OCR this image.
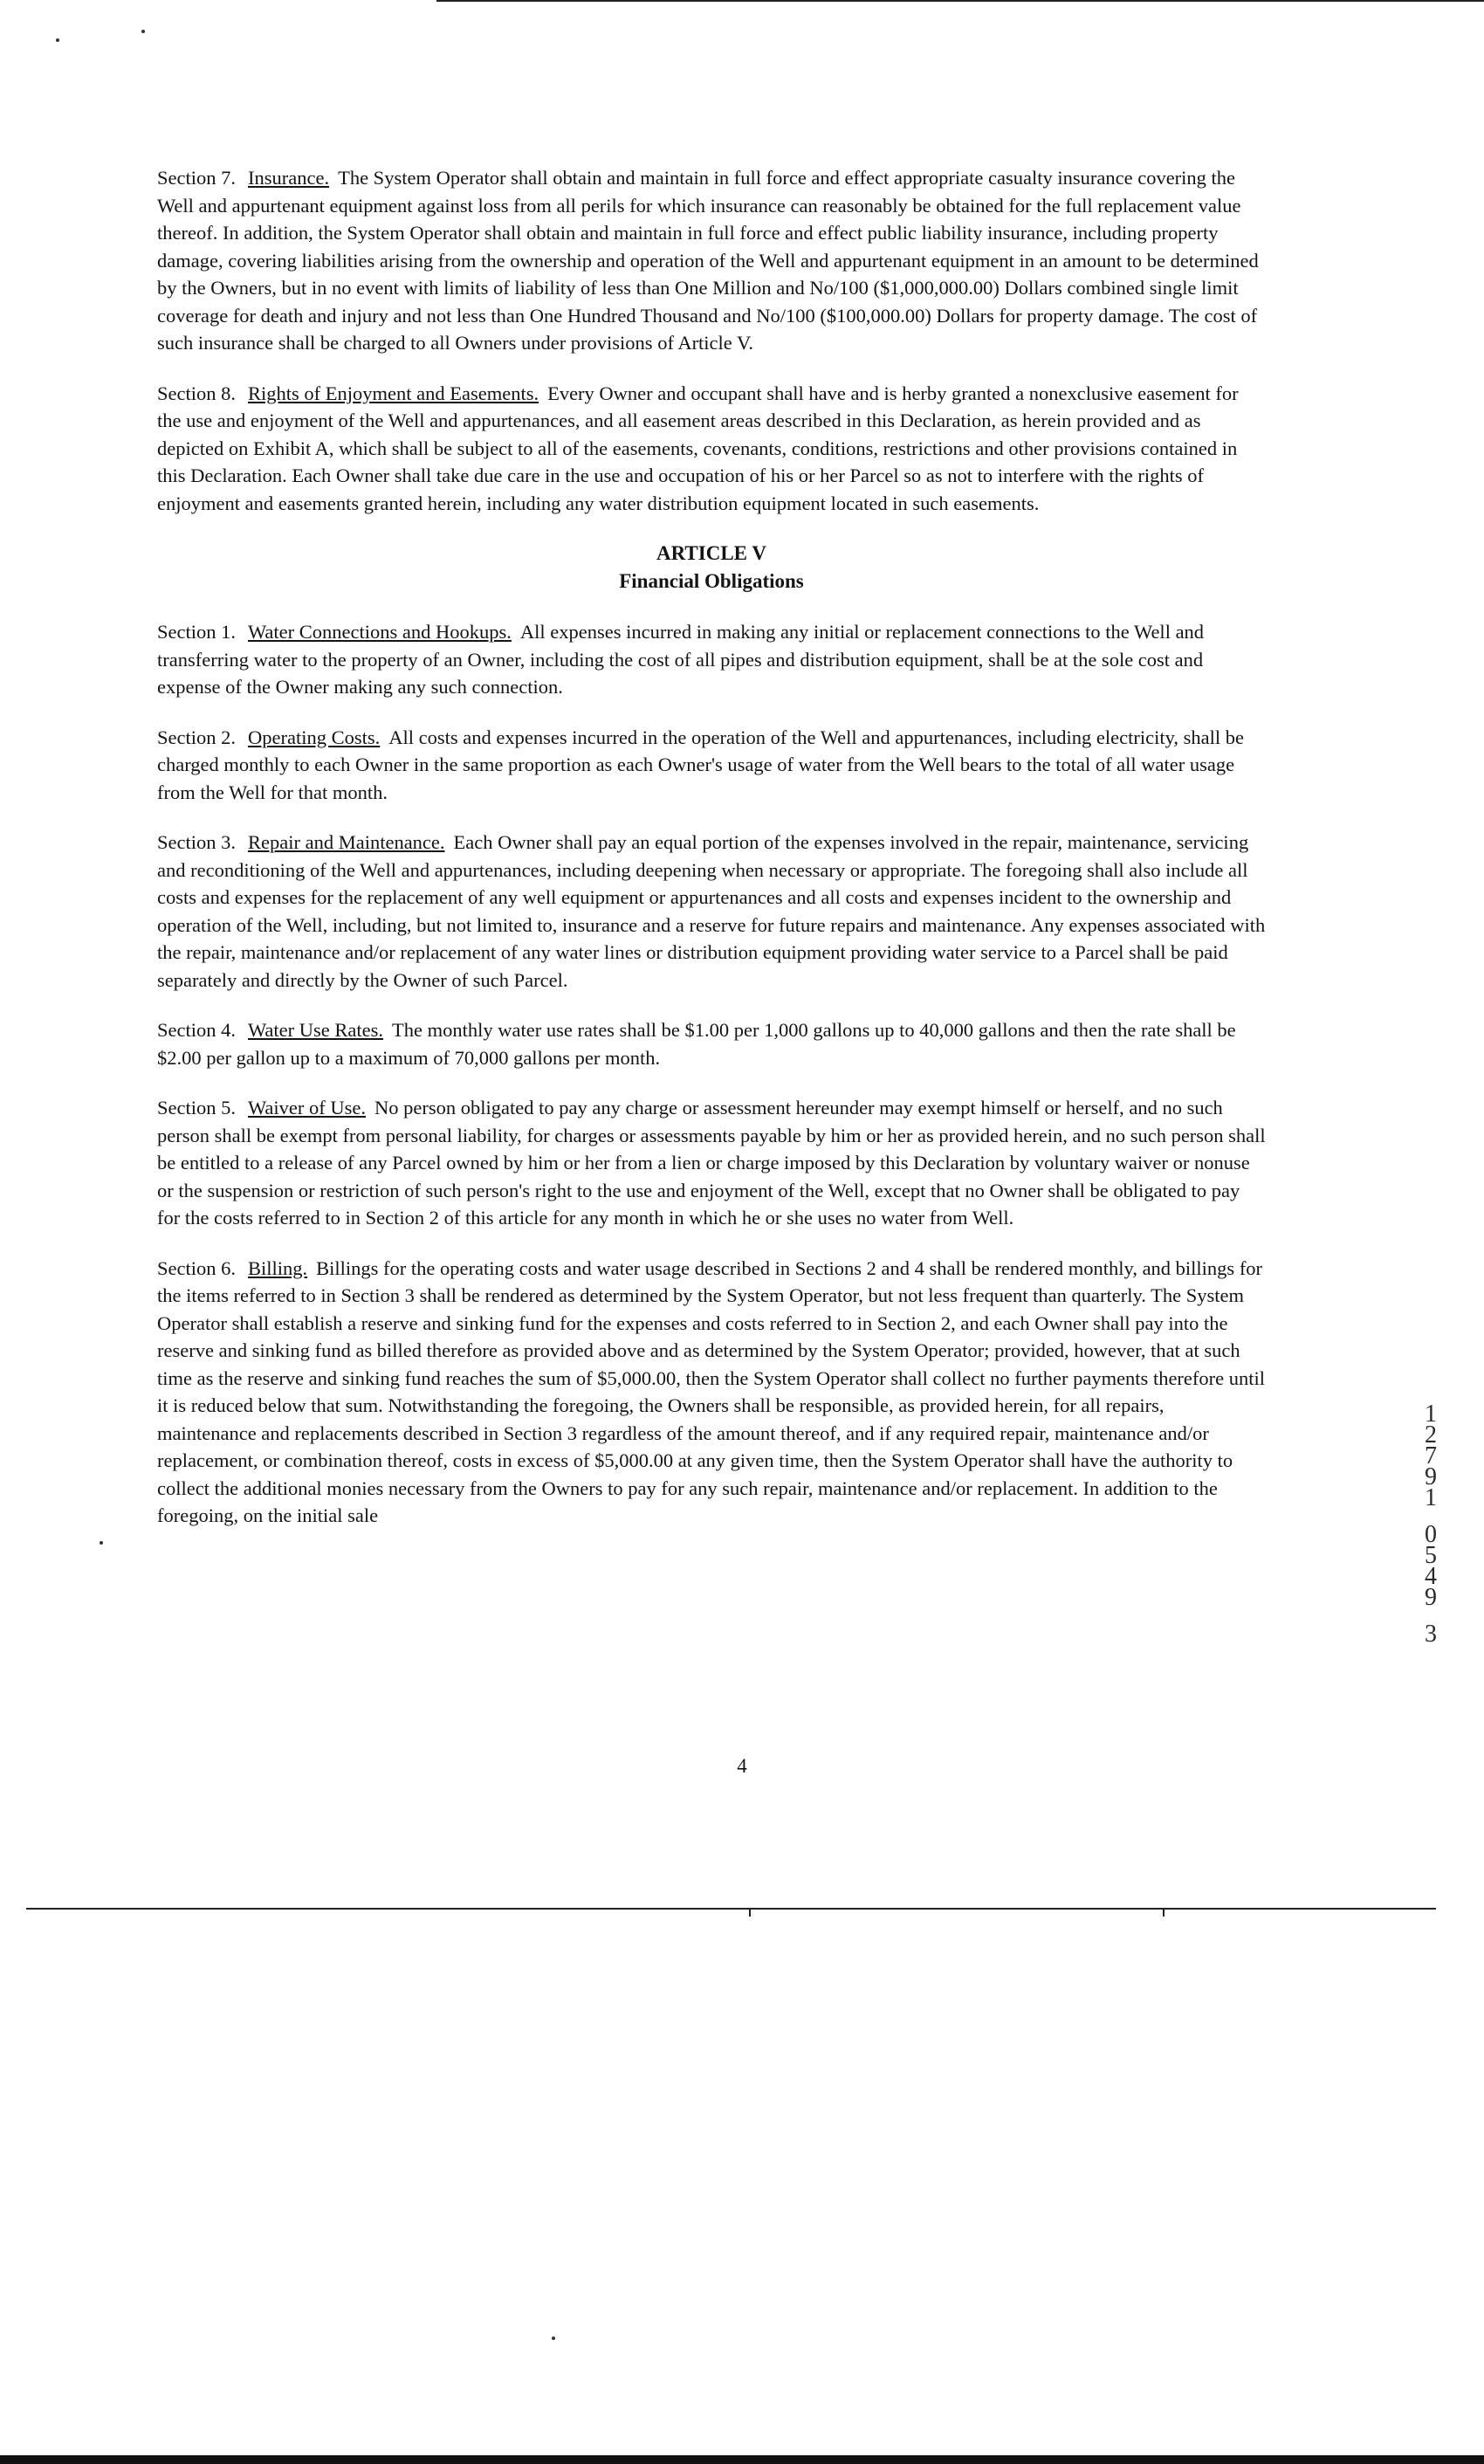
Section 7. Insurance. The System Operator shall obtain and maintain in full force and effect appropriate casualty insurance covering the Well and appurtenant equipment against loss from all perils for which insurance can reasonably be obtained for the full replacement value thereof. In addition, the System Operator shall obtain and maintain in full force and effect public liability insurance, including property damage, covering liabilities arising from the ownership and operation of the Well and appurtenant equipment in an amount to be determined by the Owners, but in no event with limits of liability of less than One Million and No/100 ($1,000,000.00) Dollars combined single limit coverage for death and injury and not less than One Hundred Thousand and No/100 ($100,000.00) Dollars for property damage. The cost of such insurance shall be charged to all Owners under provisions of Article V.

Section 8. Rights of Enjoyment and Easements. Every Owner and occupant shall have and is herby granted a nonexclusive easement for the use and enjoyment of the Well and appurtenances, and all easement areas described in this Declaration, as herein provided and as depicted on Exhibit A, which shall be subject to all of the easements, covenants, conditions, restrictions and other provisions contained in this Declaration. Each Owner shall take due care in the use and occupation of his or her Parcel so as not to interfere with the rights of enjoyment and easements granted herein, including any water distribution equipment located in such easements.

ARTICLE V

Financial Obligations

Section 1. Water Connections and Hookups. All expenses incurred in making any initial or replacement connections to the Well and transferring water to the property of an Owner, including the cost of all pipes and distribution equipment, shall be at the sole cost and expense of the Owner making any such connection.

Section 2. Operating Costs. All costs and expenses incurred in the operation of the Well and appurtenances, including electricity, shall be charged monthly to each Owner in the same proportion as each Owner's usage of water from the Well bears to the total of all water usage from the Well for that month.

Section 3. Repair and Maintenance. Each Owner shall pay an equal portion of the expenses involved in the repair, maintenance, servicing and reconditioning of the Well and appurtenances, including deepening when necessary or appropriate. The foregoing shall also include all costs and expenses for the replacement of any well equipment or appurtenances and all costs and expenses incident to the ownership and operation of the Well, including, but not limited to, insurance and a reserve for future repairs and maintenance. Any expenses associated with the repair, maintenance and/or replacement of any water lines or distribution equipment providing water service to a Parcel shall be paid separately and directly by the Owner of such Parcel.

Section 4. Water Use Rates. The monthly water use rates shall be $1.00 per 1,000 gallons up to 40,000 gallons and then the rate shall be $2.00 per gallon up to a maximum of 70,000 gallons per month.

Section 5. Waiver of Use. No person obligated to pay any charge or assessment hereunder may exempt himself or herself, and no such person shall be exempt from personal liability, for charges or assessments payable by him or her as provided herein, and no such person shall be entitled to a release of any Parcel owned by him or her from a lien or charge imposed by this Declaration by voluntary waiver or nonuse or the suspension or restriction of such person's right to the use and enjoyment of the Well, except that no Owner shall be obligated to pay for the costs referred to in Section 2 of this article for any month in which he or she uses no water from Well.

Section 6. Billing. Billings for the operating costs and water usage described in Sections 2 and 4 shall be rendered monthly, and billings for the items referred to in Section 3 shall be rendered as determined by the System Operator, but not less frequent than quarterly. The System Operator shall establish a reserve and sinking fund for the expenses and costs referred to in Section 2, and each Owner shall pay into the reserve and sinking fund as billed therefore as provided above and as determined by the System Operator; provided, however, that at such time as the reserve and sinking fund reaches the sum of $5,000.00, then the System Operator shall collect no further payments therefore until it is reduced below that sum. Notwithstanding the foregoing, the Owners shall be responsible, as provided herein, for all repairs, maintenance and replacements described in Section 3 regardless of the amount thereof, and if any required repair, maintenance and/or replacement, or combination thereof, costs in excess of $5,000.00 at any given time, then the System Operator shall have the authority to collect the additional monies necessary from the Owners to pay for any such repair, maintenance and/or replacement. In addition to the foregoing, on the initial sale

1
2
7
9
1

0
5
4
9

3
4
